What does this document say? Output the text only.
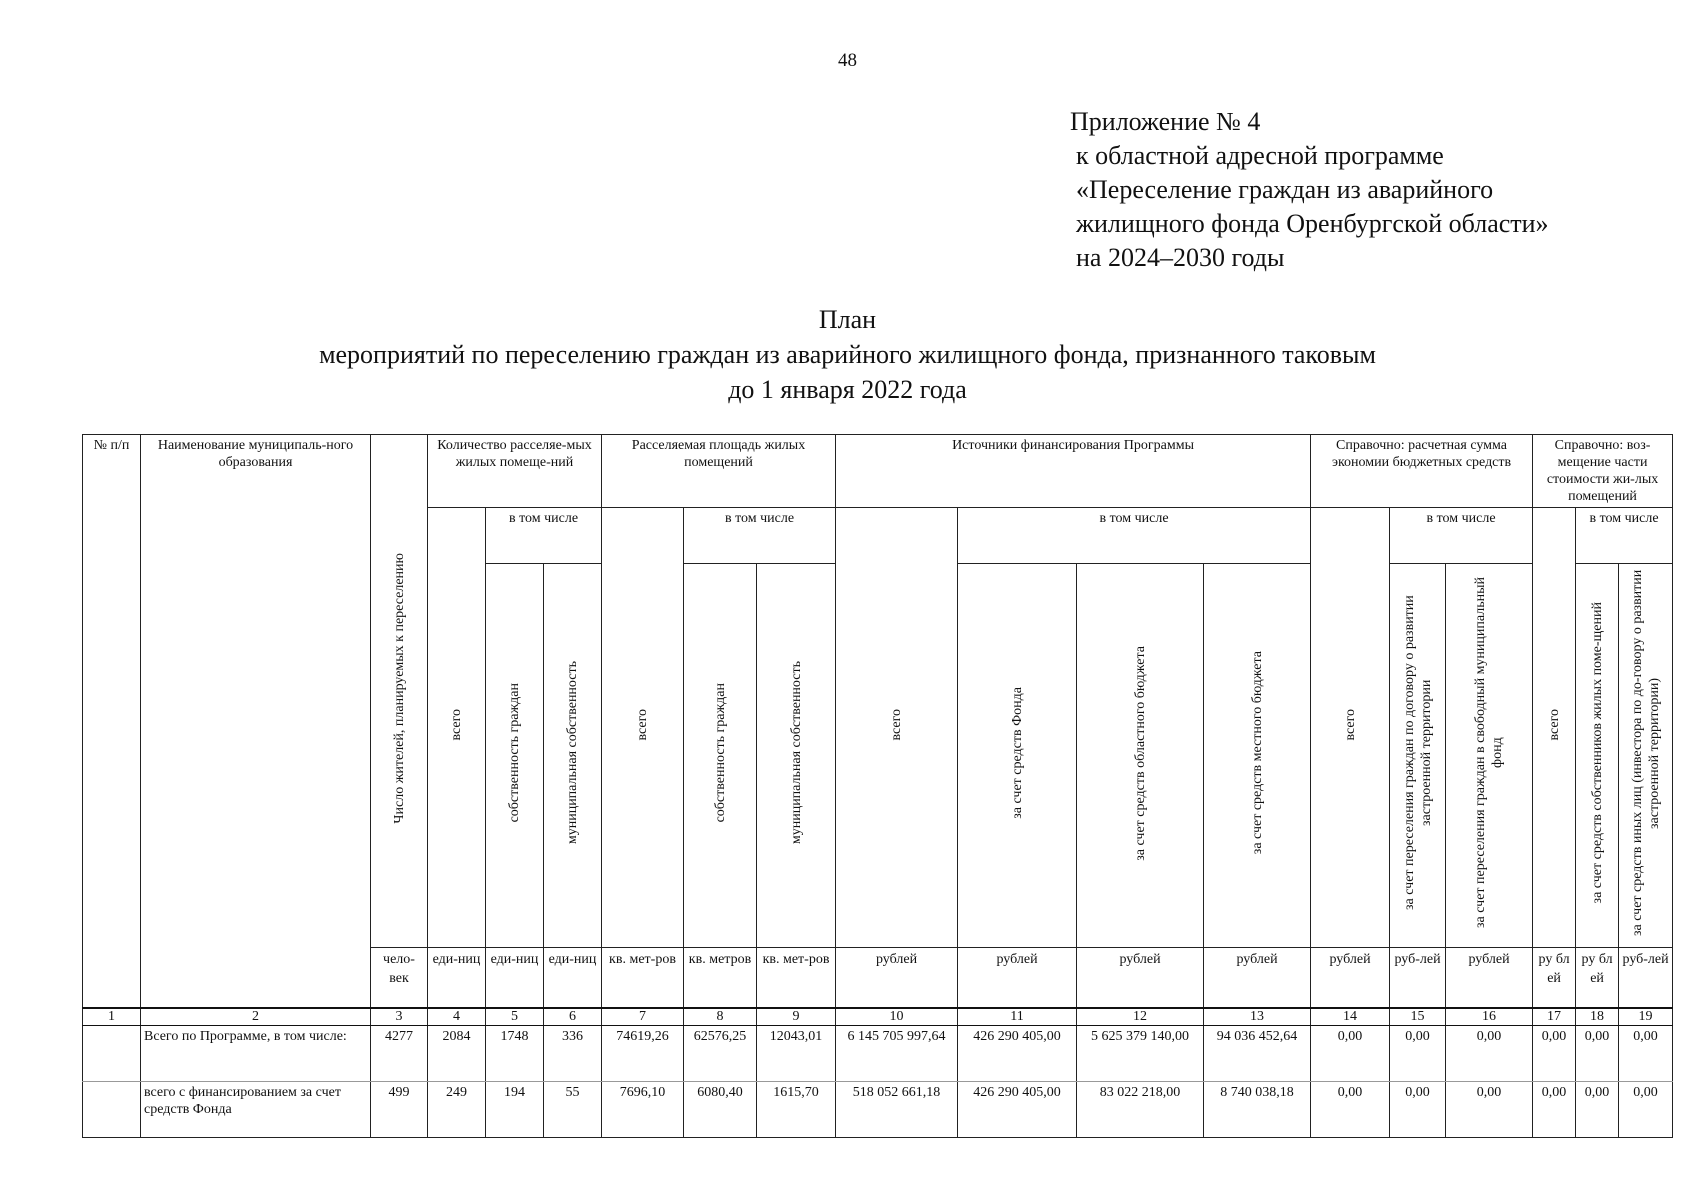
48
Приложение № 4
к областной адресной программе
«Переселение граждан из аварийного
жилищного фонда Оренбургской области»
на 2024–2030 годы
План
мероприятий по переселению граждан из аварийного жилищного фонда, признанного таковым
до 1 января 2022 года
№ п/п	Наименование муниципаль-ного образования	Число жителей, планируемых к переселению	Количество расселяе-мых жилых помеще-ний			Расселяемая площадь жилых помещений			Источники финансирования Программы				Справочно: расчетная сумма экономии бюджетных средств			Справочно: воз-мещение части стоимости жи-лых помещений		
			всего	в том числе		всего	в том числе		всего	в том числе			всего	в том числе		всего	в том числе	
				собственность граждан	муниципальная собственность		собственность граждан	муниципальная собственность		за счет средств Фонда	за счет средств областного бюджета	за счет средств местного бюджета		за счет переселения граждан по договору о развитии застроенной территории	за счет переселения граждан в свободный муниципальный фонд		за счет средств собственников жилых поме-щений	за счет средств иных лиц (инвестора по до-говору о развитии застроенной территории)
		чело-век	еди-ниц	еди-ниц	еди-ниц	кв. мет-ров	кв. метров	кв. мет-ров	рублей	рублей	рублей	рублей	рублей	руб-лей	рублей	ру бл ей	ру бл ей	руб-лей
1	2	3	4	5	6	7	8	9	10	11	12	13	14	15	16	17	18	19
	Всего по Программе, в том числе:	4277	2084	1748	336	74619,26	62576,25	12043,01	6 145 705 997,64	426 290 405,00	5 625 379 140,00	94 036 452,64	0,00	0,00	0,00	0,00	0,00	0,00
	всего с финансированием за счет средств Фонда	499	249	194	55	7696,10	6080,40	1615,70	518 052 661,18	426 290 405,00	83 022 218,00	8 740 038,18	0,00	0,00	0,00	0,00	0,00	0,00
